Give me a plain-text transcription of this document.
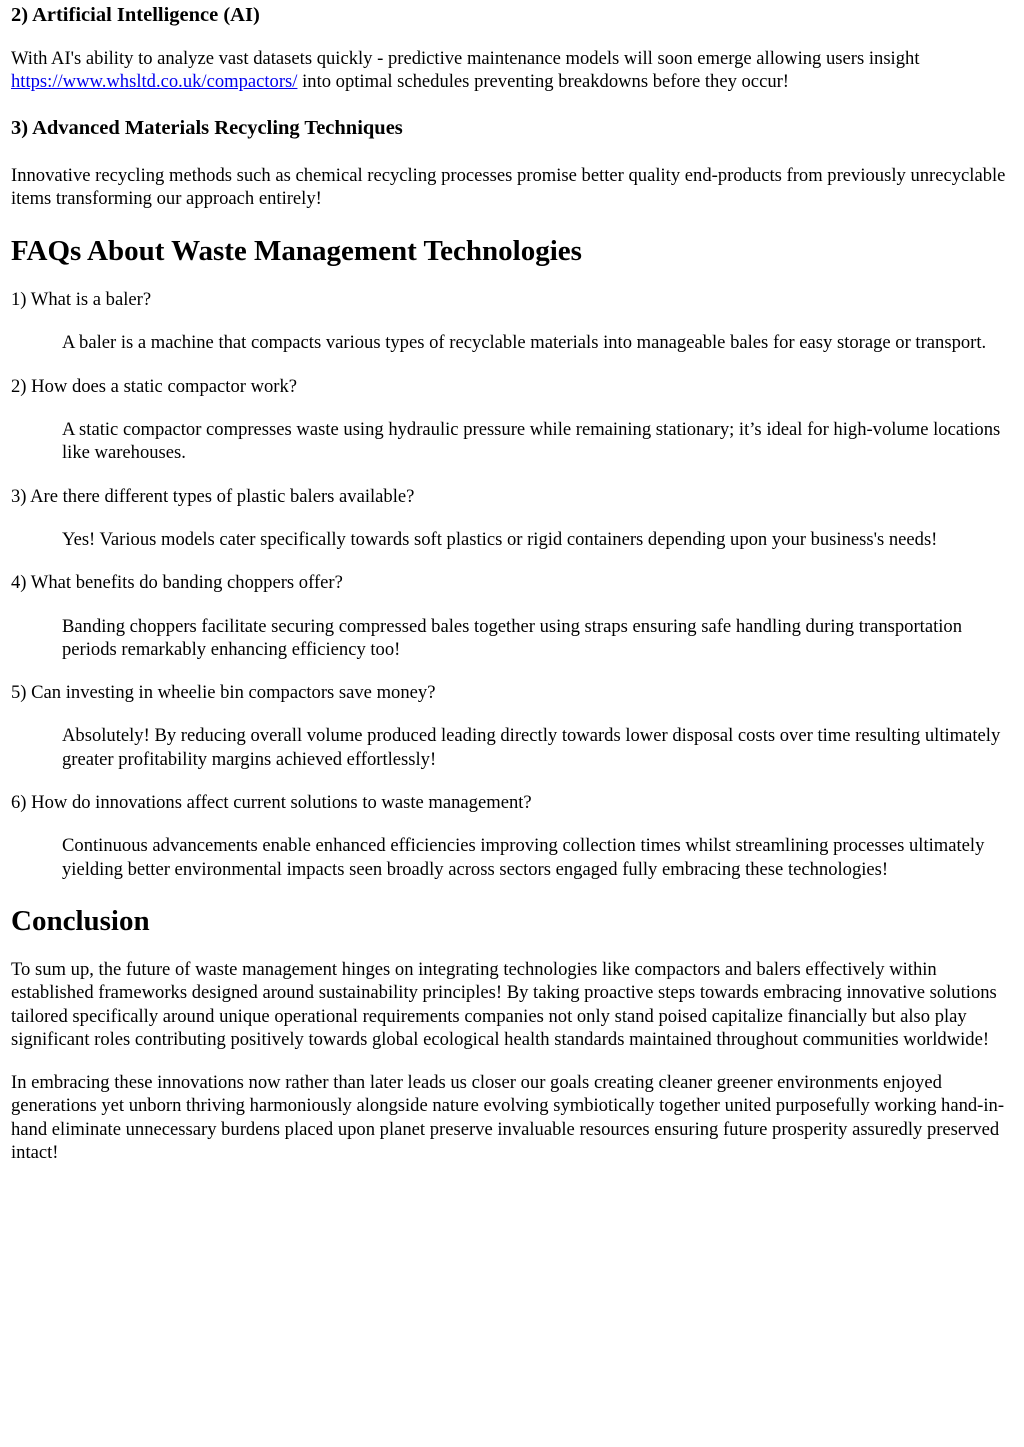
2) Artificial Intelligence (AI)

With AI's ability to analyze vast datasets quickly - predictive maintenance models will soon emerge allowing users insight https://www.whsltd.co.uk/compactors/ into optimal schedules preventing breakdowns before they occur!

3) Advanced Materials Recycling Techniques

Innovative recycling methods such as chemical recycling processes promise better quality end-products from previously unrecyclable items transforming our approach entirely!

FAQs About Waste Management Technologies
1) What is a baler?
A baler is a machine that compacts various types of recyclable materials into manageable bales for easy storage or transport.
2) How does a static compactor work?
A static compactor compresses waste using hydraulic pressure while remaining stationary; it’s ideal for high-volume locations like warehouses.
3) Are there different types of plastic balers available?
Yes! Various models cater specifically towards soft plastics or rigid containers depending upon your business's needs!
4) What benefits do banding choppers offer?
Banding choppers facilitate securing compressed bales together using straps ensuring safe handling during transportation periods remarkably enhancing efficiency too!
5) Can investing in wheelie bin compactors save money?
Absolutely! By reducing overall volume produced leading directly towards lower disposal costs over time resulting ultimately greater profitability margins achieved effortlessly!
6) How do innovations affect current solutions to waste management?
Continuous advancements enable enhanced efficiencies improving collection times whilst streamlining processes ultimately yielding better environmental impacts seen broadly across sectors engaged fully embracing these technologies!
Conclusion

To sum up, the future of waste management hinges on integrating technologies like compactors and balers effectively within established frameworks designed around sustainability principles! By taking proactive steps towards embracing innovative solutions tailored specifically around unique operational requirements companies not only stand poised capitalize financially but also play significant roles contributing positively towards global ecological health standards maintained throughout communities worldwide!

In embracing these innovations now rather than later leads us closer our goals creating cleaner greener environments enjoyed generations yet unborn thriving harmoniously alongside nature evolving symbiotically together united purposefully working hand-in-hand eliminate unnecessary burdens placed upon planet preserve invaluable resources ensuring future prosperity assuredly preserved intact!
